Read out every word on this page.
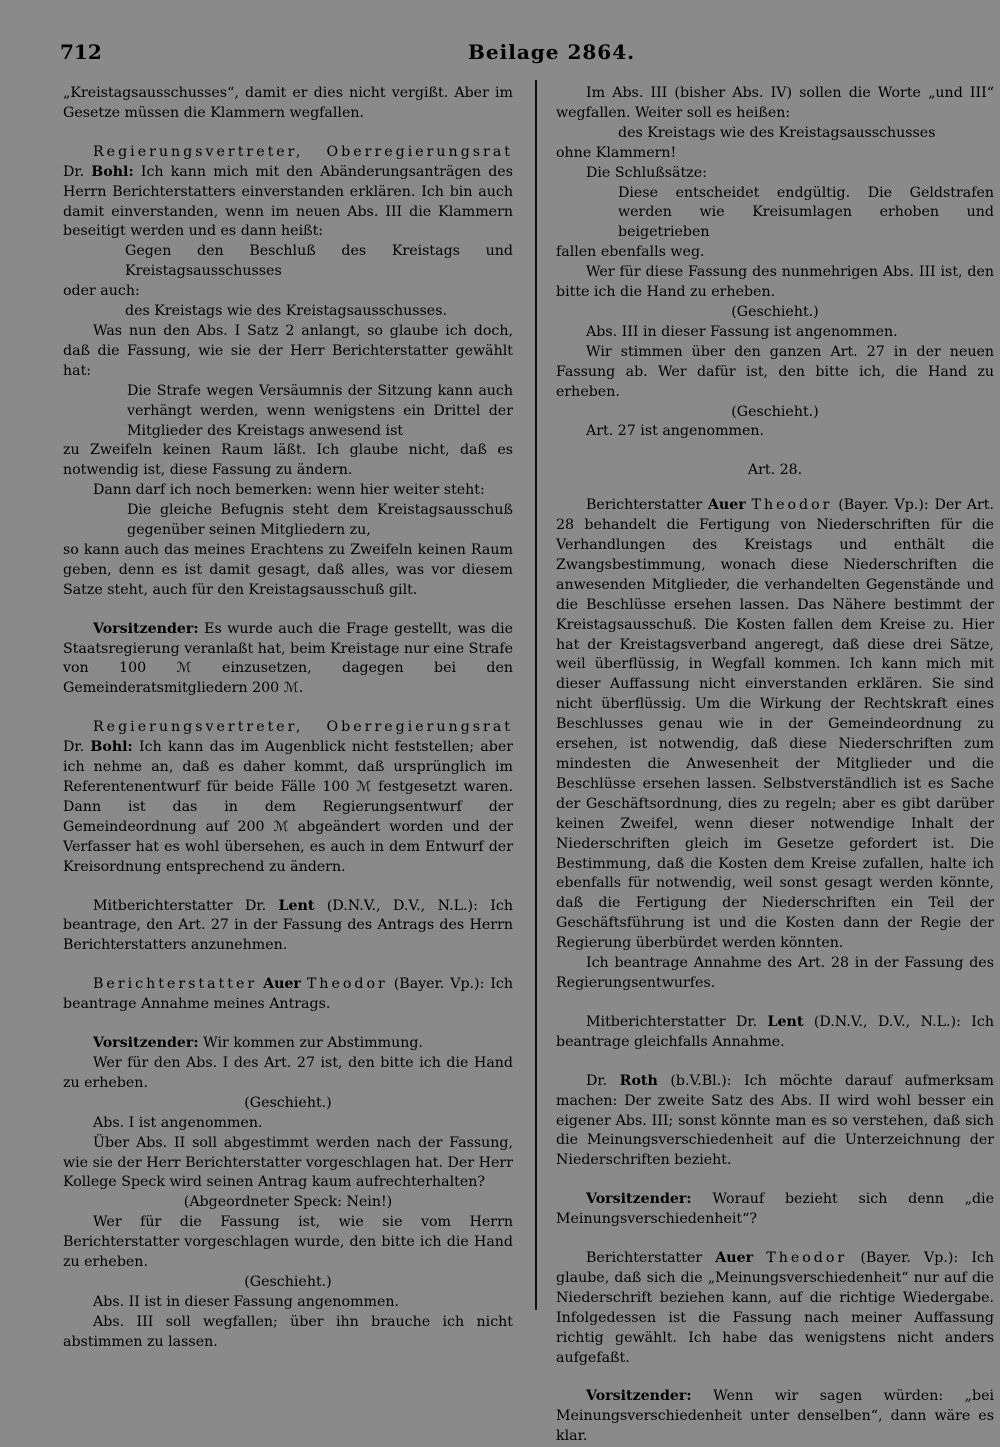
712	Beilage 2864.

„Kreistagsausschusses“, damit er dies nicht vergißt. Aber im Gesetze müssen die Klammern wegfallen.

Regierungsvertreter, Oberregierungsrat Dr. Bohl: Ich kann mich mit den Abänderungsanträgen des Herrn Berichterstatters einverstanden erklären. Ich bin auch damit einverstanden, wenn im neuen Abs. III die Klammern beseitigt werden und es dann heißt:

Gegen den Beschluß des Kreistags und Kreistagsausschusses

oder auch:

des Kreistags wie des Kreistagsausschusses.

Was nun den Abs. I Satz 2 anlangt, so glaube ich doch, daß die Fassung, wie sie der Herr Berichterstatter gewählt hat:

Die Strafe wegen Versäumnis der Sitzung kann auch verhängt werden, wenn wenigstens ein Drittel der Mitglieder des Kreistags anwesend ist

zu Zweifeln keinen Raum läßt. Ich glaube nicht, daß es notwendig ist, diese Fassung zu ändern.

Dann darf ich noch bemerken: wenn hier weiter steht:

Die gleiche Befugnis steht dem Kreistagsausschuß gegenüber seinen Mitgliedern zu,

so kann auch das meines Erachtens zu Zweifeln keinen Raum geben, denn es ist damit gesagt, daß alles, was vor diesem Satze steht, auch für den Kreistagsausschuß gilt.

Vorsitzender: Es wurde auch die Frage gestellt, was die Staatsregierung veranlaßt hat, beim Kreistage nur eine Strafe von 100 ℳ einzusetzen, dagegen bei den Gemeinderatsmitgliedern 200 ℳ.

Regierungsvertreter, Oberregierungsrat Dr. Bohl: Ich kann das im Augenblick nicht feststellen; aber ich nehme an, daß es daher kommt, daß ursprünglich im Referentenentwurf für beide Fälle 100 ℳ festgesetzt waren. Dann ist das in dem Regierungsentwurf der Gemeindeordnung auf 200 ℳ abgeändert worden und der Verfasser hat es wohl übersehen, es auch in dem Entwurf der Kreisordnung entsprechend zu ändern.

Mitberichterstatter Dr. Lent (D.N.V., D.V., N.L.): Ich beantrage, den Art. 27 in der Fassung des Antrags des Herrn Berichterstatters anzunehmen.

Berichterstatter Auer Theodor (Bayer. Vp.): Ich beantrage Annahme meines Antrags.

Vorsitzender: Wir kommen zur Abstimmung.

Wer für den Abs. I des Art. 27 ist, den bitte ich die Hand zu erheben.

(Geschieht.)

Abs. I ist angenommen.

Über Abs. II soll abgestimmt werden nach der Fassung, wie sie der Herr Berichterstatter vorgeschlagen hat. Der Herr Kollege Speck wird seinen Antrag kaum aufrechterhalten?

(Abgeordneter Speck: Nein!)

Wer für die Fassung ist, wie sie vom Herrn Berichterstatter vorgeschlagen wurde, den bitte ich die Hand zu erheben.

(Geschieht.)

Abs. II ist in dieser Fassung angenommen.

Abs. III soll wegfallen; über ihn brauche ich nicht abstimmen zu lassen.

Im Abs. III (bisher Abs. IV) sollen die Worte „und III“ wegfallen. Weiter soll es heißen:

des Kreistags wie des Kreistagsausschusses

ohne Klammern!

Die Schlußsätze:

Diese entscheidet endgültig. Die Geldstrafen werden wie Kreisumlagen erhoben und beigetrieben

fallen ebenfalls weg.

Wer für diese Fassung des nunmehrigen Abs. III ist, den bitte ich die Hand zu erheben.

(Geschieht.)

Abs. III in dieser Fassung ist angenommen.

Wir stimmen über den ganzen Art. 27 in der neuen Fassung ab. Wer dafür ist, den bitte ich, die Hand zu erheben.

(Geschieht.)

Art. 27 ist angenommen.

Art. 28.

Berichterstatter Auer Theodor (Bayer. Vp.): Der Art. 28 behandelt die Fertigung von Niederschriften für die Verhandlungen des Kreistags und enthält die Zwangsbestimmung, wonach diese Niederschriften die anwesenden Mitglieder, die verhandelten Gegenstände und die Beschlüsse ersehen lassen. Das Nähere bestimmt der Kreistagsausschuß. Die Kosten fallen dem Kreise zu. Hier hat der Kreistagsverband angeregt, daß diese drei Sätze, weil überflüssig, in Wegfall kommen. Ich kann mich mit dieser Auffassung nicht einverstanden erklären. Sie sind nicht überflüssig. Um die Wirkung der Rechtskraft eines Beschlusses genau wie in der Gemeindeordnung zu ersehen, ist notwendig, daß diese Niederschriften zum mindesten die Anwesenheit der Mitglieder und die Beschlüsse ersehen lassen. Selbstverständlich ist es Sache der Geschäftsordnung, dies zu regeln; aber es gibt darüber keinen Zweifel, wenn dieser notwendige Inhalt der Niederschriften gleich im Gesetze gefordert ist. Die Bestimmung, daß die Kosten dem Kreise zufallen, halte ich ebenfalls für notwendig, weil sonst gesagt werden könnte, daß die Fertigung der Niederschriften ein Teil der Geschäftsführung ist und die Kosten dann der Regie der Regierung überbürdet werden könnten.

Ich beantrage Annahme des Art. 28 in der Fassung des Regierungsentwurfes.

Mitberichterstatter Dr. Lent (D.N.V., D.V., N.L.): Ich beantrage gleichfalls Annahme.

Dr. Roth (b.V.Bl.): Ich möchte darauf aufmerksam machen: Der zweite Satz des Abs. II wird wohl besser ein eigener Abs. III; sonst könnte man es so verstehen, daß sich die Meinungsverschiedenheit auf die Unterzeichnung der Niederschriften bezieht.

Vorsitzender: Worauf bezieht sich denn „die Meinungsverschiedenheit“?

Berichterstatter Auer Theodor (Bayer. Vp.): Ich glaube, daß sich die „Meinungsverschiedenheit“ nur auf die Niederschrift beziehen kann, auf die richtige Wiedergabe. Infolgedessen ist die Fassung nach meiner Auffassung richtig gewählt. Ich habe das wenigstens nicht anders aufgefaßt.

Vorsitzender: Wenn wir sagen würden: „bei Meinungsverschiedenheit unter denselben“, dann wäre es klar.
